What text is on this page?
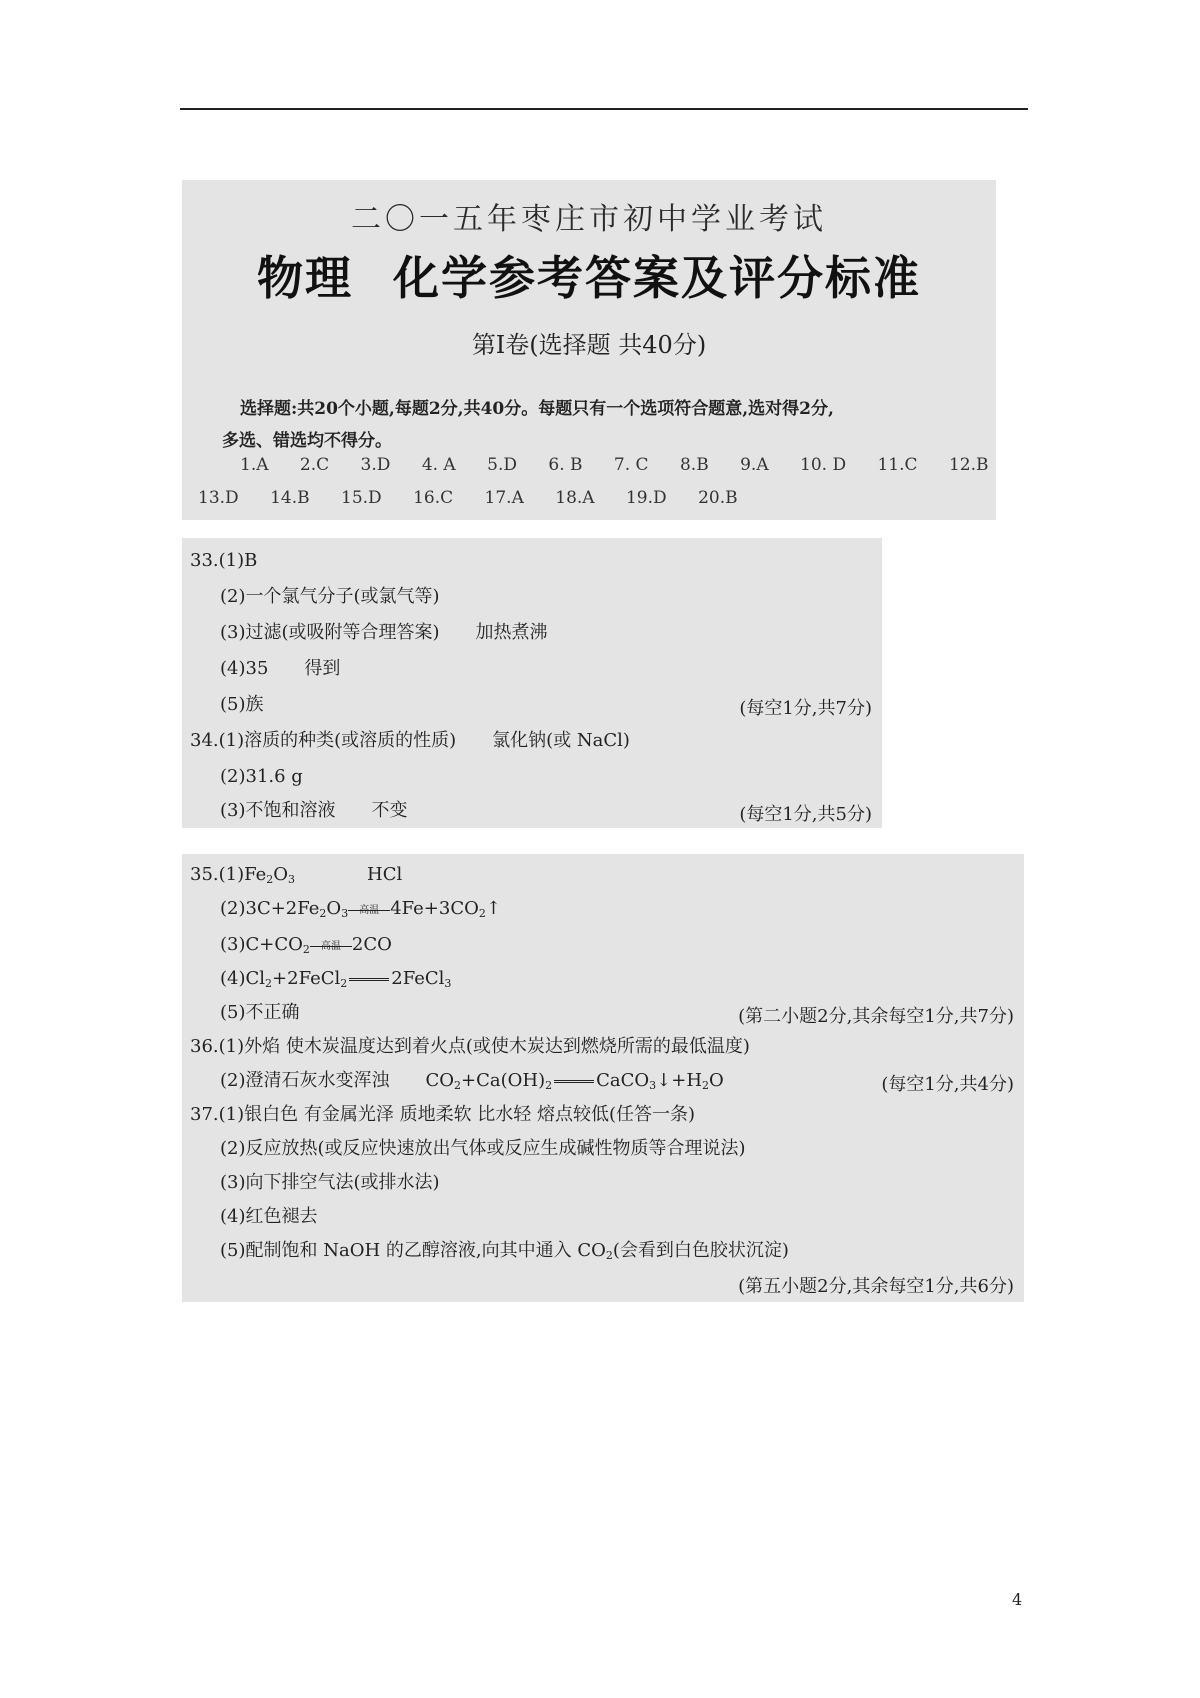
二〇一五年枣庄市初中学业考试
物理 化学参考答案及评分标准
第Ⅰ卷(选择题 共40分)
选择题:共20个小题,每题2分,共40分。每题只有一个选项符合题意,选对得2分,
多选、错选均不得分。
1.A 2.C 3.D 4. A 5.D 6. B 7. C 8.B 9.A 10. D 11.C 12.B
13.D 14.B 15.D 16.C 17.A 18.A 19.D 20.B
33.(1)B
(2)一个氯气分子(或氯气等)
(3)过滤(或吸附等合理答案) 加热煮沸
(4)35 得到
(5)族	(每空1分,共7分)
34.(1)溶质的种类(或溶质的性质) 氯化钠(或 NaCl)
(2)31.6 g
(3)不饱和溶液 不变	(每空1分,共5分)
$35.(1)Fe_2O_3$	HCl
$(2)3C+2Fe_2O_3$	高温 $4Fe+3CO_2↑$
$(3)C+CO_2$	高温 2CO
$(4)Cl_2+2FeCl_2$ 2FeCl$_3$
(5)不正确	(第二小题2分,其余每空1分,共7分)
36.(1)外焰 使木炭温度达到着火点(或使木炭达到燃烧所需的最低温度)
(2)澄清石灰水变浑浊 $CO_2+Ca(OH)_2$ $CaCO_3↓+H_2O$	(每空1分,共4分)
37.(1)银白色 有金属光泽 质地柔软 比水轻 熔点较低(任答一条)
(2)反应放热(或反应快速放出气体或反应生成碱性物质等合理说法)
(3)向下排空气法(或排水法)
(4)红色褪去
(5)配制饱和 NaOH 的乙醇溶液,向其中通入 $CO_2$(会看到白色胶状沉淀)
(第五小题2分,其余每空1分,共6分)
4
